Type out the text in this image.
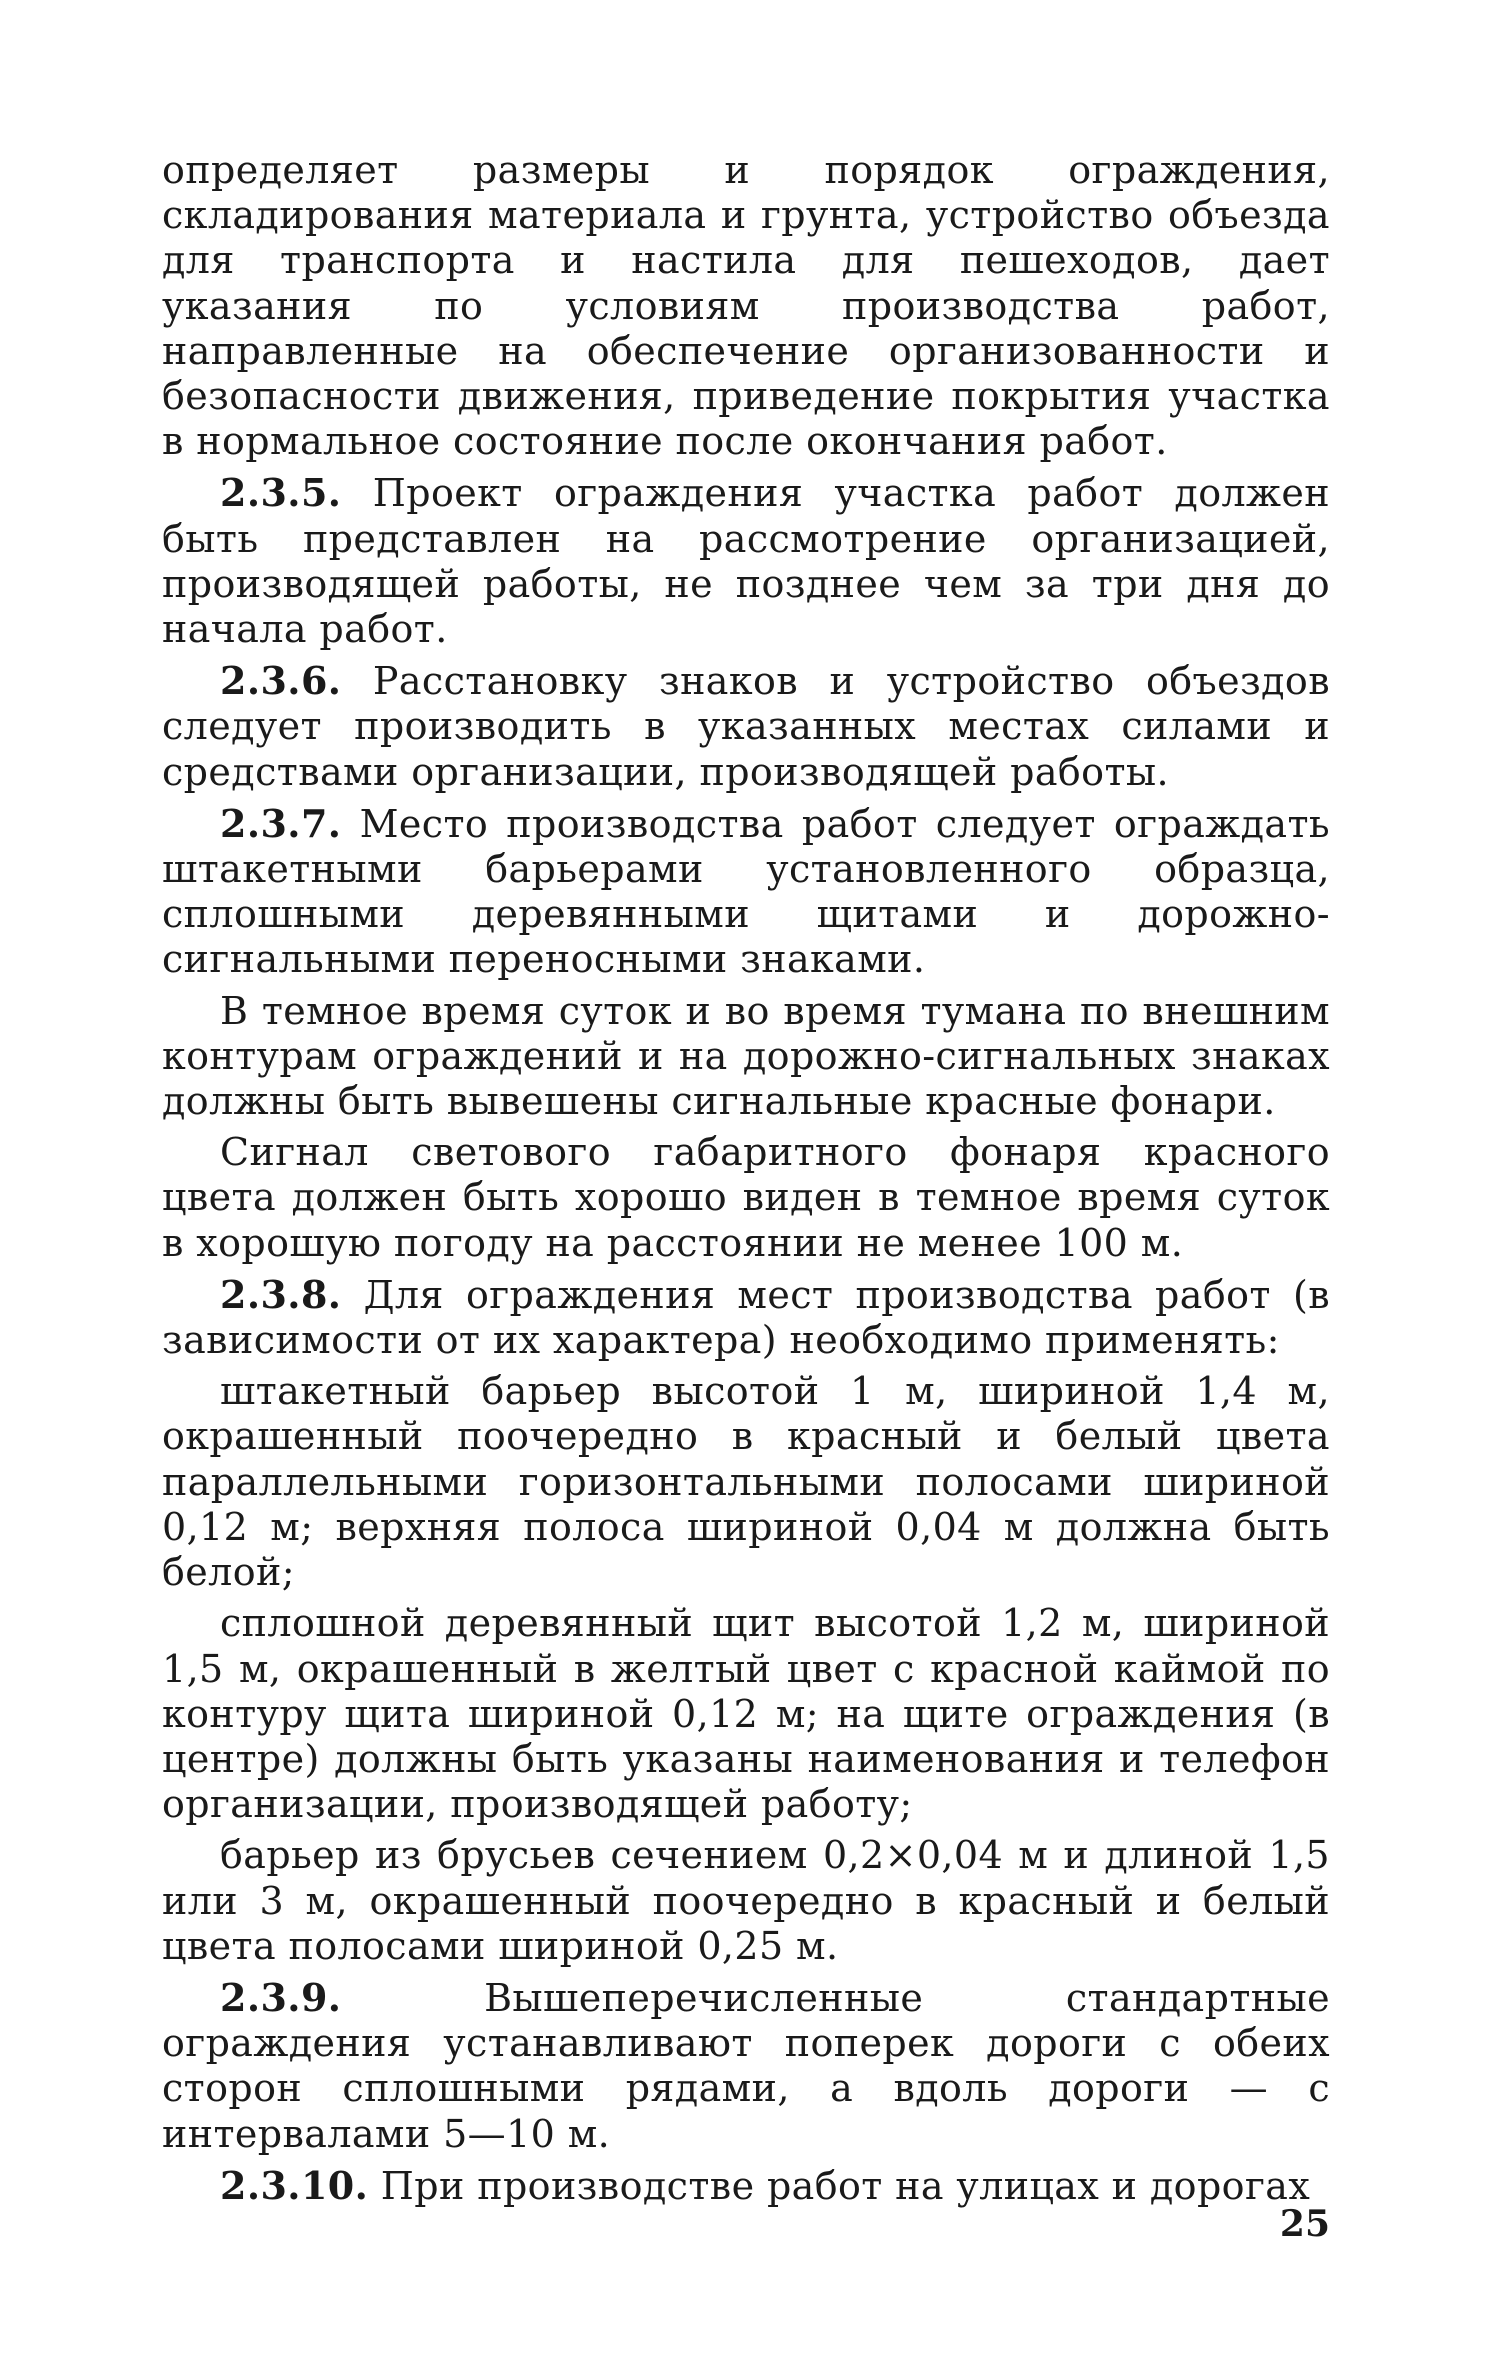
определяет размеры и порядок ограждения, складирования материала и грунта, устройство объезда для транспорта и настила для пешеходов, дает указания по условиям производства работ, направленные на обеспечение организованности и безопасности движения, приведение покрытия участка в нормальное состояние после окончания работ.

2.3.5. Проект ограждения участка работ должен быть представлен на рассмотрение организацией, производящей работы, не позднее чем за три дня до начала работ.

2.3.6. Расстановку знаков и устройство объездов следует производить в указанных местах силами и средствами организации, производящей работы.

2.3.7. Место производства работ следует ограждать штакетными барьерами установленного образца, сплошными деревянными щитами и дорожно-сигнальными переносными знаками.

В темное время суток и во время тумана по внешним контурам ограждений и на дорожно-сигнальных знаках должны быть вывешены сигнальные красные фонари.

Сигнал светового габаритного фонаря красного цвета должен быть хорошо виден в темное время суток в хорошую погоду на расстоянии не менее 100 м.

2.3.8. Для ограждения мест производства работ (в зависимости от их характера) необходимо применять:

штакетный барьер высотой 1 м, шириной 1,4 м, окрашенный поочередно в красный и белый цвета параллельными горизонтальными полосами шириной 0,12 м; верхняя полоса шириной 0,04 м должна быть белой;

сплошной деревянный щит высотой 1,2 м, шириной 1,5 м, окрашенный в желтый цвет с красной каймой по контуру щита шириной 0,12 м; на щите ограждения (в центре) должны быть указаны наименования и телефон организации, производящей работу;

барьер из брусьев сечением 0,2×0,04 м и длиной 1,5 или 3 м, окрашенный поочередно в красный и белый цвета полосами шириной 0,25 м.

2.3.9.	Вышеперечисленные стандартные ограждения устанавливают поперек дороги с обеих сторон сплошными рядами, а вдоль дороги — с интервалами 5—10 м.

2.3.10. При производстве работ на улицах и дорогах

25
